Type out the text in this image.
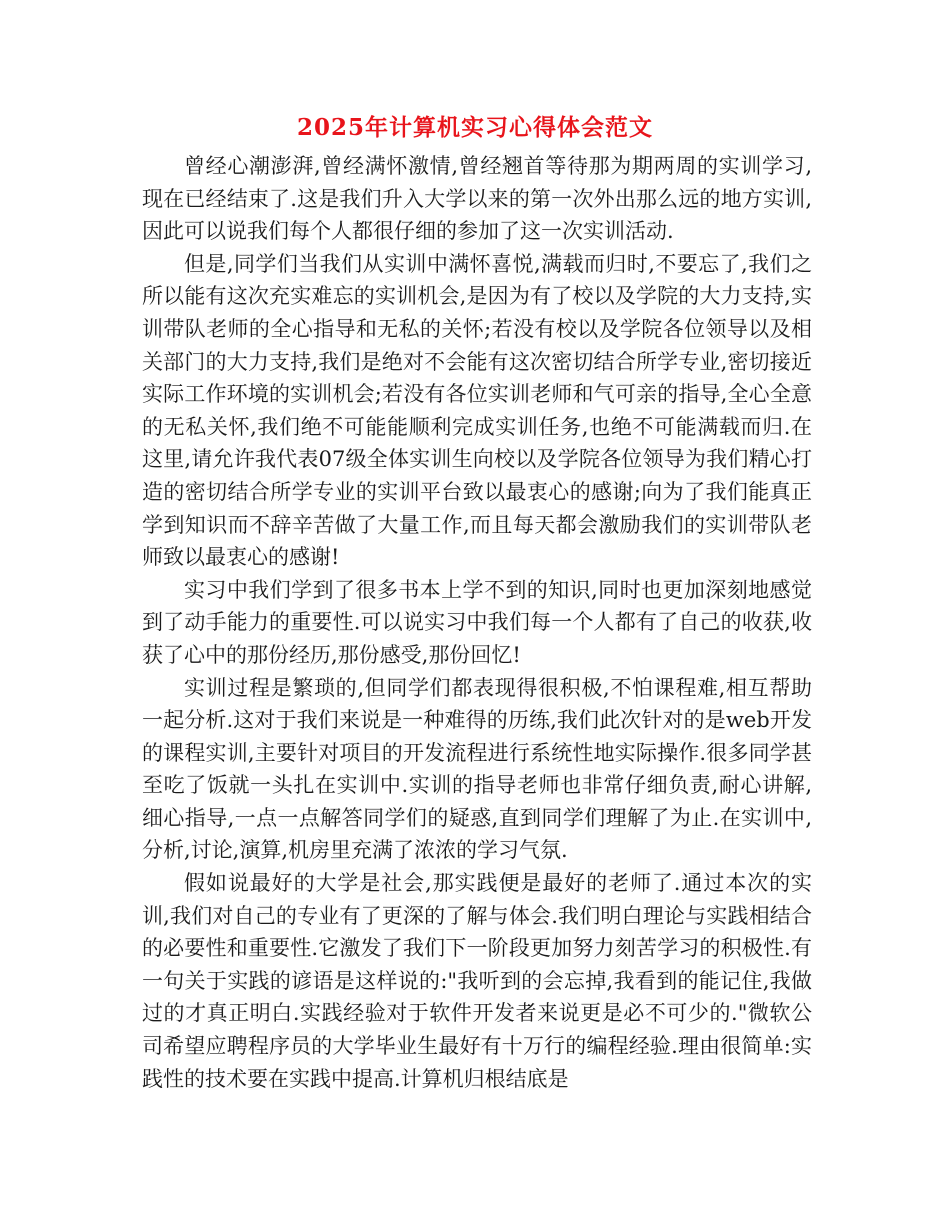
2025年计算机实习心得体会范文

曾经心潮澎湃,曾经满怀激情,曾经翘首等待那为期两周的实训学习,现在已经结束了.这是我们升入大学以来的第一次外出那么远的地方实训,因此可以说我们每个人都很仔细的参加了这一次实训活动.

但是,同学们当我们从实训中满怀喜悦,满载而归时,不要忘了,我们之所以能有这次充实难忘的实训机会,是因为有了校以及学院的大力支持,实训带队老师的全心指导和无私的关怀;若没有校以及学院各位领导以及相关部门的大力支持,我们是绝对不会能有这次密切结合所学专业,密切接近实际工作环境的实训机会;若没有各位实训老师和气可亲的指导,全心全意的无私关怀,我们绝不可能能顺利完成实训任务,也绝不可能满载而归.在这里,请允许我代表07级全体实训生向校以及学院各位领导为我们精心打造的密切结合所学专业的实训平台致以最衷心的感谢;向为了我们能真正学到知识而不辞辛苦做了大量工作,而且每天都会激励我们的实训带队老师致以最衷心的感谢!

实习中我们学到了很多书本上学不到的知识,同时也更加深刻地感觉到了动手能力的重要性.可以说实习中我们每一个人都有了自己的收获,收获了心中的那份经历,那份感受,那份回忆!

实训过程是繁琐的,但同学们都表现得很积极,不怕课程难,相互帮助一起分析.这对于我们来说是一种难得的历练,我们此次针对的是web开发的课程实训,主要针对项目的开发流程进行系统性地实际操作.很多同学甚至吃了饭就一头扎在实训中.实训的指导老师也非常仔细负责,耐心讲解,细心指导,一点一点解答同学们的疑惑,直到同学们理解了为止.在实训中,分析,讨论,演算,机房里充满了浓浓的学习气氛.

假如说最好的大学是社会,那实践便是最好的老师了.通过本次的实训,我们对自己的专业有了更深的了解与体会.我们明白理论与实践相结合的必要性和重要性.它激发了我们下一阶段更加努力刻苦学习的积极性.有一句关于实践的谚语是这样说的:"我听到的会忘掉,我看到的能记住,我做过的才真正明白.实践经验对于软件开发者来说更是必不可少的."微软公司希望应聘程序员的大学毕业生最好有十万行的编程经验.理由很简单:实践性的技术要在实践中提高.计算机归根结底是
